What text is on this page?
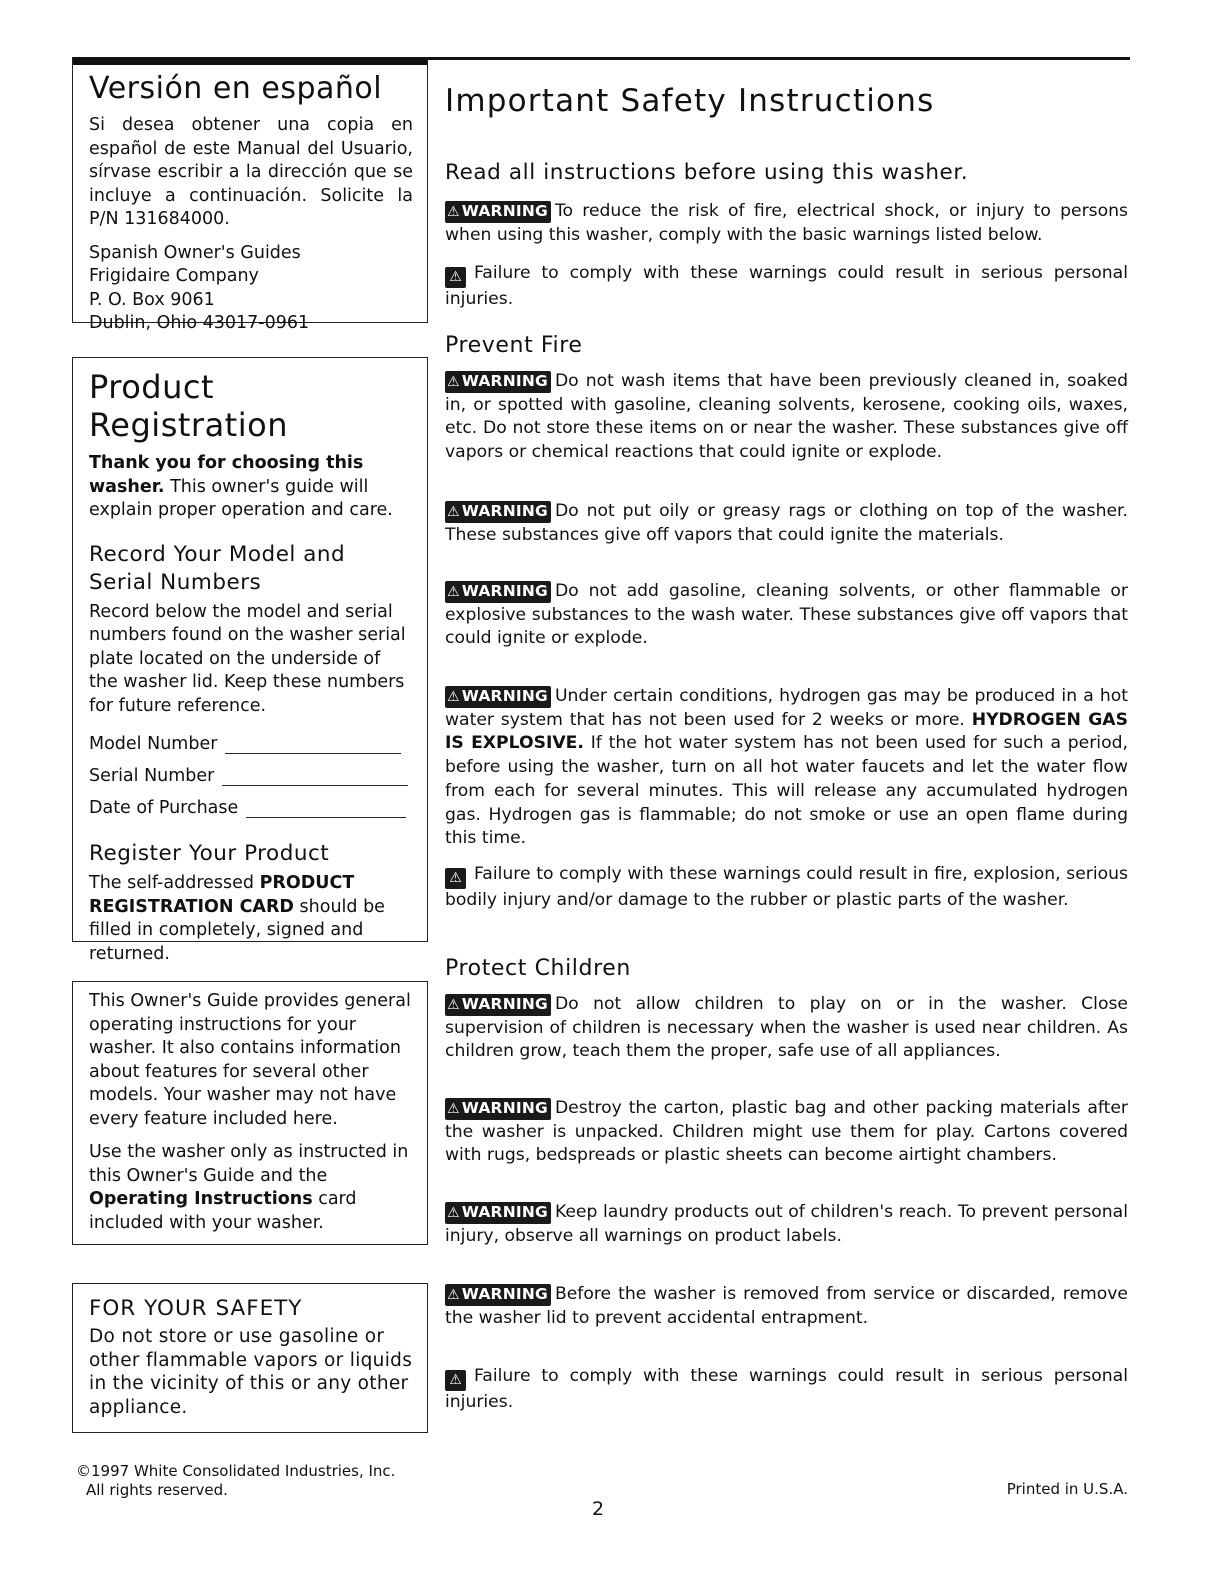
Versión en español

Si desea obtener una copia en español de este Manual del Usuario, sírvase escribir a la dirección que se incluye a continuación. Solicite la P/N 131684000.

Spanish Owner's Guides

Frigidaire Company

P. O. Box 9061

Dublin, Ohio 43017-0961

Product Registration

Thank you for choosing this washer. This owner's guide will explain proper operation and care.

Record Your Model and Serial Numbers

Record below the model and serial numbers found on the washer serial plate located on the underside of the washer lid. Keep these numbers for future reference.

Model Number
Serial Number
Date of Purchase
Register Your Product

The self-addressed PRODUCT REGISTRATION CARD should be filled in completely, signed and returned.

This Owner's Guide provides general operating instructions for your washer. It also contains information about features for several other models. Your washer may not have every feature included here.

Use the washer only as instructed in this Owner's Guide and the Operating Instructions card included with your washer.

FOR YOUR SAFETY

Do not store or use gasoline or other flammable vapors or liquids in the vicinity of this or any other appliance.

©1997 White Consolidated Industries, Inc.
All rights reserved.	Printed in U.S.A.
2
Important Safety Instructions
Read all instructions before using this washer.

⚠ WARNING To reduce the risk of fire, electrical shock, or injury to persons when using this washer, comply with the basic warnings listed below.

⚠ Failure to comply with these warnings could result in serious personal injuries.

Prevent Fire

⚠ WARNING Do not wash items that have been previously cleaned in, soaked in, or spotted with gasoline, cleaning solvents, kerosene, cooking oils, waxes, etc. Do not store these items on or near the washer. These substances give off vapors or chemical reactions that could ignite or explode.

⚠ WARNING Do not put oily or greasy rags or clothing on top of the washer. These substances give off vapors that could ignite the materials.

⚠ WARNING Do not add gasoline, cleaning solvents, or other flammable or explosive substances to the wash water. These substances give off vapors that could ignite or explode.

⚠ WARNING Under certain conditions, hydrogen gas may be produced in a hot water system that has not been used for 2 weeks or more. HYDROGEN GAS IS EXPLOSIVE. If the hot water system has not been used for such a period, before using the washer, turn on all hot water faucets and let the water flow from each for several minutes. This will release any accumulated hydrogen gas. Hydrogen gas is flammable; do not smoke or use an open flame during this time.

⚠ Failure to comply with these warnings could result in fire, explosion, serious bodily injury and/or damage to the rubber or plastic parts of the washer.

Protect Children

⚠ WARNING Do not allow children to play on or in the washer. Close supervision of children is necessary when the washer is used near children. As children grow, teach them the proper, safe use of all appliances.

⚠ WARNING Destroy the carton, plastic bag and other packing materials after the washer is unpacked. Children might use them for play. Cartons covered with rugs, bedspreads or plastic sheets can become airtight chambers.

⚠ WARNING Keep laundry products out of children's reach. To prevent personal injury, observe all warnings on product labels.

⚠ WARNING Before the washer is removed from service or discarded, remove the washer lid to prevent accidental entrapment.

⚠ Failure to comply with these warnings could result in serious personal injuries.
